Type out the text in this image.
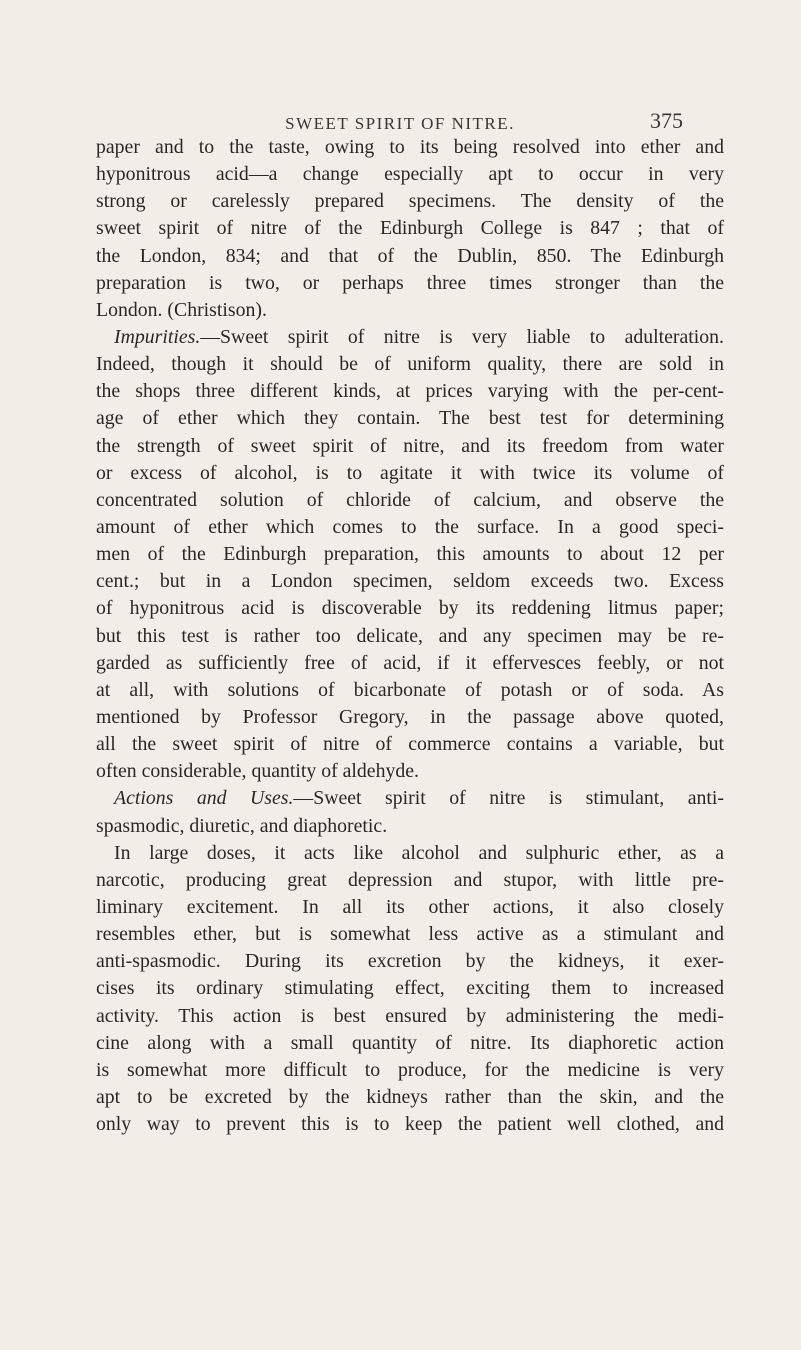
SWEET SPIRIT OF NITRE.	375
paper and to the taste, owing to its being resolved into ether and
hyponitrous acid—a change especially apt to occur in very
strong or carelessly prepared specimens. The density of the
sweet spirit of nitre of the Edinburgh College is 847 ; that of
the London, 834; and that of the Dublin, 850. The Edinburgh
preparation is two, or perhaps three times stronger than the
London. (Christison).
Impurities.—Sweet spirit of nitre is very liable to adulteration.
Indeed, though it should be of uniform quality, there are sold in
the shops three different kinds, at prices varying with the per-cent-
age of ether which they contain. The best test for determining
the strength of sweet spirit of nitre, and its freedom from water
or excess of alcohol, is to agitate it with twice its volume of
concentrated solution of chloride of calcium, and observe the
amount of ether which comes to the surface. In a good speci-
men of the Edinburgh preparation, this amounts to about 12 per
cent.; but in a London specimen, seldom exceeds two. Excess
of hyponitrous acid is discoverable by its reddening litmus paper;
but this test is rather too delicate, and any specimen may be re-
garded as sufficiently free of acid, if it effervesces feebly, or not
at all, with solutions of bicarbonate of potash or of soda. As
mentioned by Professor Gregory, in the passage above quoted,
all the sweet spirit of nitre of commerce contains a variable, but
often considerable, quantity of aldehyde.
Actions and Uses.—Sweet spirit of nitre is stimulant, anti-
spasmodic, diuretic, and diaphoretic.
In large doses, it acts like alcohol and sulphuric ether, as a
narcotic, producing great depression and stupor, with little pre-
liminary excitement. In all its other actions, it also closely
resembles ether, but is somewhat less active as a stimulant and
anti-spasmodic. During its excretion by the kidneys, it exer-
cises its ordinary stimulating effect, exciting them to increased
activity. This action is best ensured by administering the medi-
cine along with a small quantity of nitre. Its diaphoretic action
is somewhat more difficult to produce, for the medicine is very
apt to be excreted by the kidneys rather than the skin, and the
only way to prevent this is to keep the patient well clothed, and
